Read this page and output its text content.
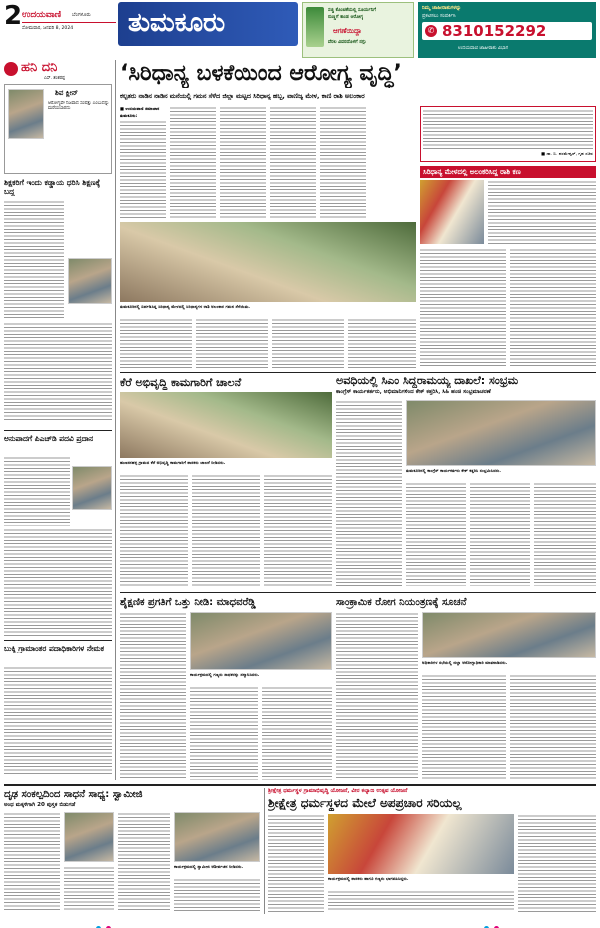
2 ಉದಯವಾಣಿ ಬೆಂಗಳೂರು
ಸೋಮವಾರ, ಜನವರಿ 8, 2024 ತುಮಕೂರು	ಸಚ್ಚಿ ಕೊಂಚಕೆಯಲ್ಲಿ ಸೂರ್ಯನಿಗೆ
ನುಣ್ಣಗೆ ಕಾಂಡ ಆರೋಗ್ಯ
ಆಗಣೆಯಿದ್ದಾ
ವೆರಲ ವಿವರದೊಳಗೆ ನಗ್ಗು
ನಿಮ್ಮ ಜಾಹೀರಾತುಗಳನ್ನು
ಪ್ರಕಟಿಸಲು ಸಂಪರ್ಕಿಸಿ
✆ 8310152292
ಉದಯವಾಣಿ ಜಾಹೀರಾತು ವಿಭಾಗ
ಹನಿ ದನಿ
ಎಸ್. ಶಂಕರಪ್ಪ
ಶಿವ ಕ್ಲೀನ್
ಆರೋಗ್ಯವೇ ನಿಜವಾದ ಸಂಪತ್ತು ಎಂಬುದನ್ನು ಮರೆಯಬಾರದು
ಶಿಕ್ಷಕರಿಗೆ ಇಂದು ಕಡ್ಡಾಯ ಧರಿಸಿ ಶಿಕ್ಷಣಕ್ಕೆ ಬದ್ಧ
ಅನುಪಾದಗೆ ಪಿಎಚ್‌ಡಿ ಪದವಿ ಪ್ರದಾನ
ಬುಕ್ಕಿ ಗ್ರಾಮಾಂತರ ಪದಾಧಿಕಾರಿಗಳ ನೇಮಕ
‘ಸಿರಿಧಾನ್ಯ ಬಳಕೆಯಿಂದ ಆರೋಗ್ಯ ವೃದ್ಧಿ’
ಕಲ್ಪತರು ನಾಡಿನ ನಾಡಿನ ಮನೆಯಲ್ಲಿ ಗಮನ ಸೆಳೆದ ಜಿಲ್ಲಾ ಮಟ್ಟದ ಸಿರಿಧಾನ್ಯ ಹಬ್ಬ, ವಾಣಿಜ್ಯ ಮೇಳ, ಕಾಣಿ ರಾಶಿ ಅಲಂಕಾರ
■ ಉದಯವಾಣಿ ಸಮಾಚಾರ
ತುಮಕೂರು:
ತುಮಕೂರಿನಲ್ಲಿ ಏರ್ಪಡಿಸಿದ್ದ ಸಿರಿಧಾನ್ಯ ಮೇಳದಲ್ಲಿ ಸಿರಿಧಾನ್ಯಗಳ ರಾಶಿ ಅಲಂಕಾರ ಗಮನ ಸೆಳೆಯಿತು.
■ ಡಾ. ಬಿ. ಪರಮೇಶ್ವರ್, ಗೃಹ ಸಚಿವ
ಸಿರಿಧಾನ್ಯ ಮೇಳದಲ್ಲಿ ಅಲಂಕರಿಸಿದ್ದ ರಾಶಿ ಕಣ
ಕೆರೆ ಅಭಿವೃದ್ಧಿ ಕಾಮಗಾರಿಗೆ ಚಾಲನೆ
ಹುಣಸನಹಳ್ಳಿ ಗ್ರಾಮದ ಕೆರೆ ಅಭಿವೃದ್ಧಿ ಕಾಮಗಾರಿಗೆ ಶಾಸಕರು ಚಾಲನೆ ನೀಡಿದರು.
ಅವಧಿಯಲ್ಲಿ ಸಿಎಂ ಸಿದ್ದರಾಮಯ್ಯ ದಾಖಲೆ: ಸಂಭ್ರಮ
ಕಾಂಗ್ರೆಸ್ ಕಾರ್ಯಕರ್ತರು, ಅಭಿಮಾನಿಗಳಿಂದ ಕೇಕ್ ಕತ್ತರಿಸಿ, ಸಿಹಿ ಹಂಚಿ ಸಂಭ್ರಮಾಚರಣೆ
ತುಮಕೂರಿನಲ್ಲಿ ಕಾಂಗ್ರೆಸ್ ಕಾರ್ಯಕರ್ತರು ಕೇಕ್ ಕತ್ತರಿಸಿ ಸಂಭ್ರಮಿಸಿದರು.
ಶೈಕ್ಷಣಿಕ ಪ್ರಗತಿಗೆ ಒತ್ತು ನೀಡಿ: ಮಾಧವರೆಡ್ಡಿ
ಕಾರ್ಯಕ್ರಮದಲ್ಲಿ ಗಣ್ಯರು ಸಾಧಕರನ್ನು ಸನ್ಮಾನಿಸಿದರು.
ಸಾಂಕ್ರಾಮಿಕ ರೋಗ ನಿಯಂತ್ರಣಕ್ಕೆ ಸೂಚನೆ
ಅಧಿಕಾರಿಗಳ ಸಭೆಯಲ್ಲಿ ಜಿಲ್ಲಾ ಆರೋಗ್ಯಾಧಿಕಾರಿ ಮಾತನಾಡಿದರು.
ದೃಢ ಸಂಕಲ್ಪದಿಂದ ಸಾಧನೆ ಸಾಧ್ಯ: ಸ್ವಾಮೀಜಿ
ಅಂಧ ಮಕ್ಕಳಿಗಾಗಿ 20 ಪುಸ್ತಕ ಬಿಡುಗಡೆ
ಕಾರ್ಯಕ್ರಮದಲ್ಲಿ ಸ್ವಾಮೀಜಿ ಆಶೀರ್ವಚನ ನೀಡಿದರು.
ಶ್ರೀಕ್ಷೇತ್ರ ಧರ್ಮಸ್ಥಳ ಗ್ರಾಮಾಭಿವೃದ್ಧಿ ಯೋಜನೆ, ವೀರ ಕಲ್ಯಾಣ ಉತ್ಸವ ಯೋಜನೆ
ಶ್ರೀಕ್ಷೇತ್ರ ಧರ್ಮಸ್ಥಳದ ಮೇಲೆ ಅಪಪ್ರಚಾರ ಸರಿಯಲ್ಲ
ಕಾರ್ಯಕ್ರಮದಲ್ಲಿ ಶಾಸಕರು ಹಾಗೂ ಗಣ್ಯರು ಭಾಗವಹಿಸಿದ್ದರು.
